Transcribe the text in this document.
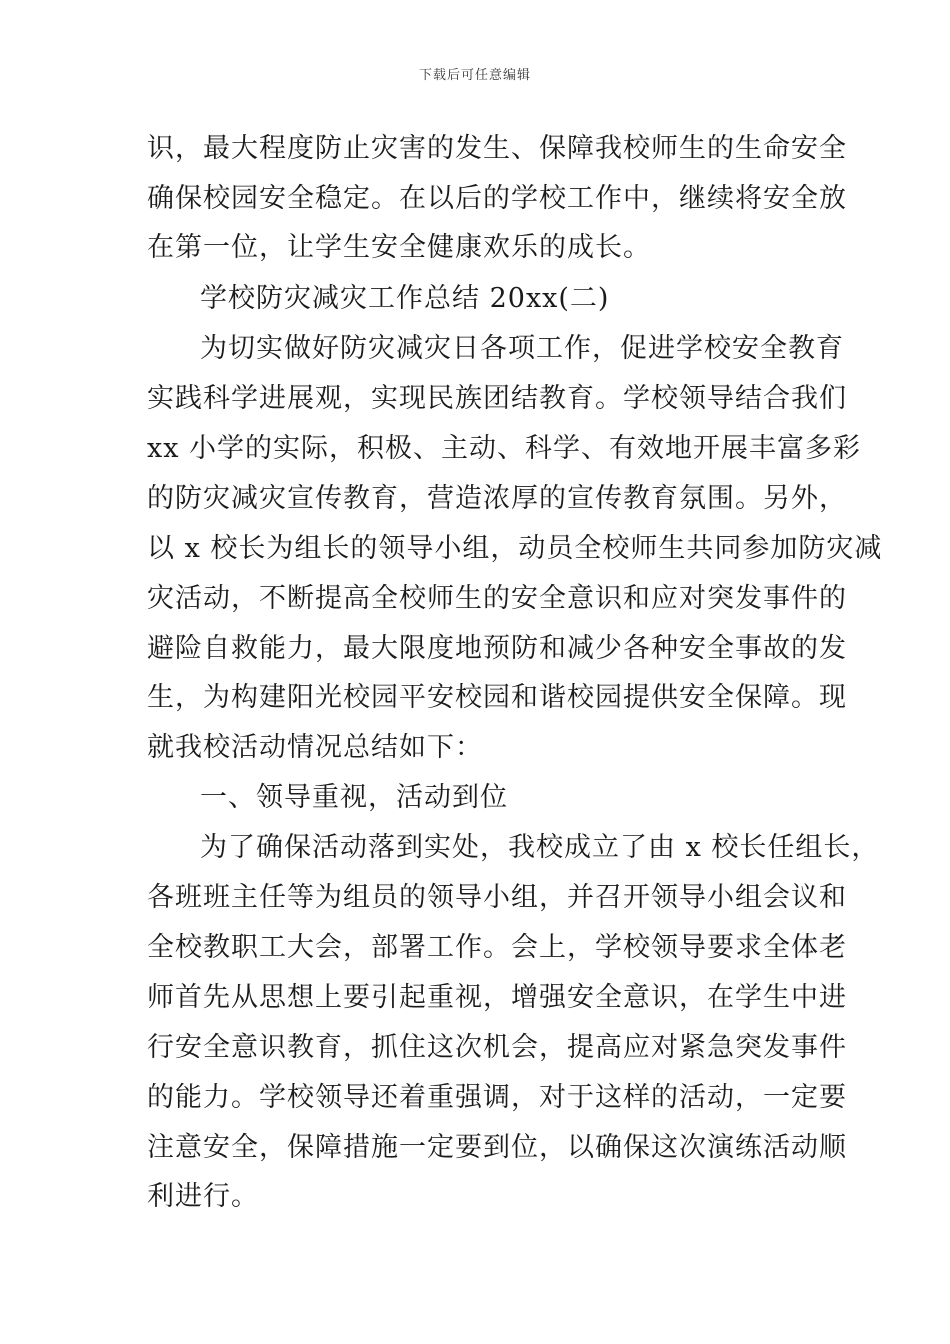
下载后可任意编辑
识，最大程度防止灾害的发生、保障我校师生的生命安全
确保校园安全稳定。在以后的学校工作中，继续将安全放
在第一位，让学生安全健康欢乐的成长。
学校防灾减灾工作总结 20xx(二)
为切实做好防灾减灾日各项工作，促进学校安全教育
实践科学进展观，实现民族团结教育。学校领导结合我们
xx 小学的实际，积极、主动、科学、有效地开展丰富多彩
的防灾减灾宣传教育，营造浓厚的宣传教育氛围。另外，
以 x 校长为组长的领导小组，动员全校师生共同参加防灾减
灾活动，不断提高全校师生的安全意识和应对突发事件的
避险自救能力，最大限度地预防和减少各种安全事故的发
生，为构建阳光校园平安校园和谐校园提供安全保障。现
就我校活动情况总结如下：
一、领导重视，活动到位
为了确保活动落到实处，我校成立了由 x 校长任组长，
各班班主任等为组员的领导小组，并召开领导小组会议和
全校教职工大会，部署工作。会上，学校领导要求全体老
师首先从思想上要引起重视，增强安全意识，在学生中进
行安全意识教育，抓住这次机会，提高应对紧急突发事件
的能力。学校领导还着重强调，对于这样的活动，一定要
注意安全，保障措施一定要到位，以确保这次演练活动顺
利进行。
